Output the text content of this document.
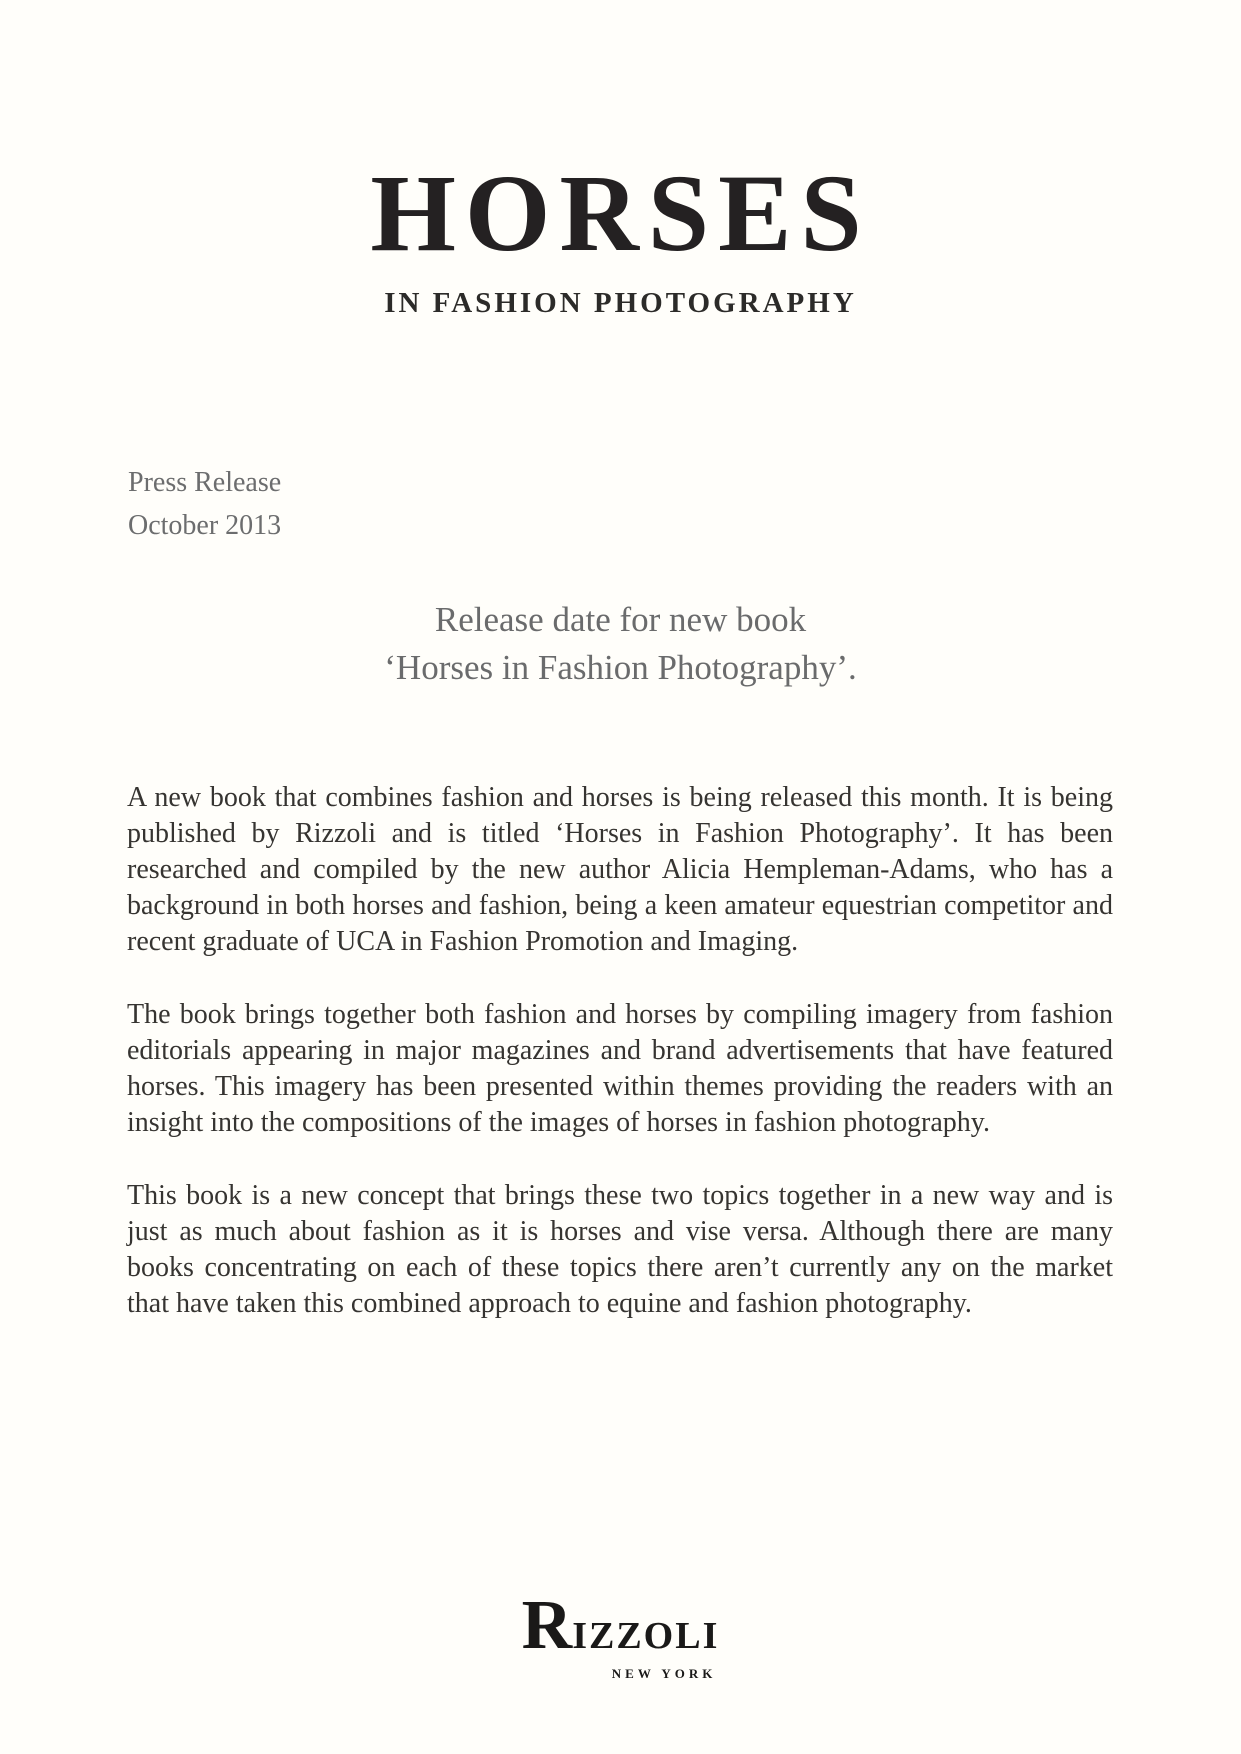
HORSES
IN FASHION PHOTOGRAPHY
Press Release
October 2013
Release date for new book
‘Horses in Fashion Photography’.

A new book that combines fashion and horses is being released this month. It is being published by Rizzoli and is titled ‘Horses in Fashion Photography’. It has been researched and compiled by the new author Alicia Hempleman-Adams, who has a background in both horses and fashion, being a keen amateur equestrian competitor and recent graduate of UCA in Fashion Promotion and Imaging.

The book brings together both fashion and horses by compiling imagery from fashion editorials appearing in major magazines and brand advertisements that have featured horses. This imagery has been presented within themes providing the readers with an insight into the compositions of the images of horses in fashion photography.

This book is a new concept that brings these two topics together in a new way and is just as much about fashion as it is horses and vise versa. Although there are many books concentrating on each of these topics there aren’t currently any on the market that have taken this combined approach to equine and fashion photography.

RIZZOLI
NEW YORK
